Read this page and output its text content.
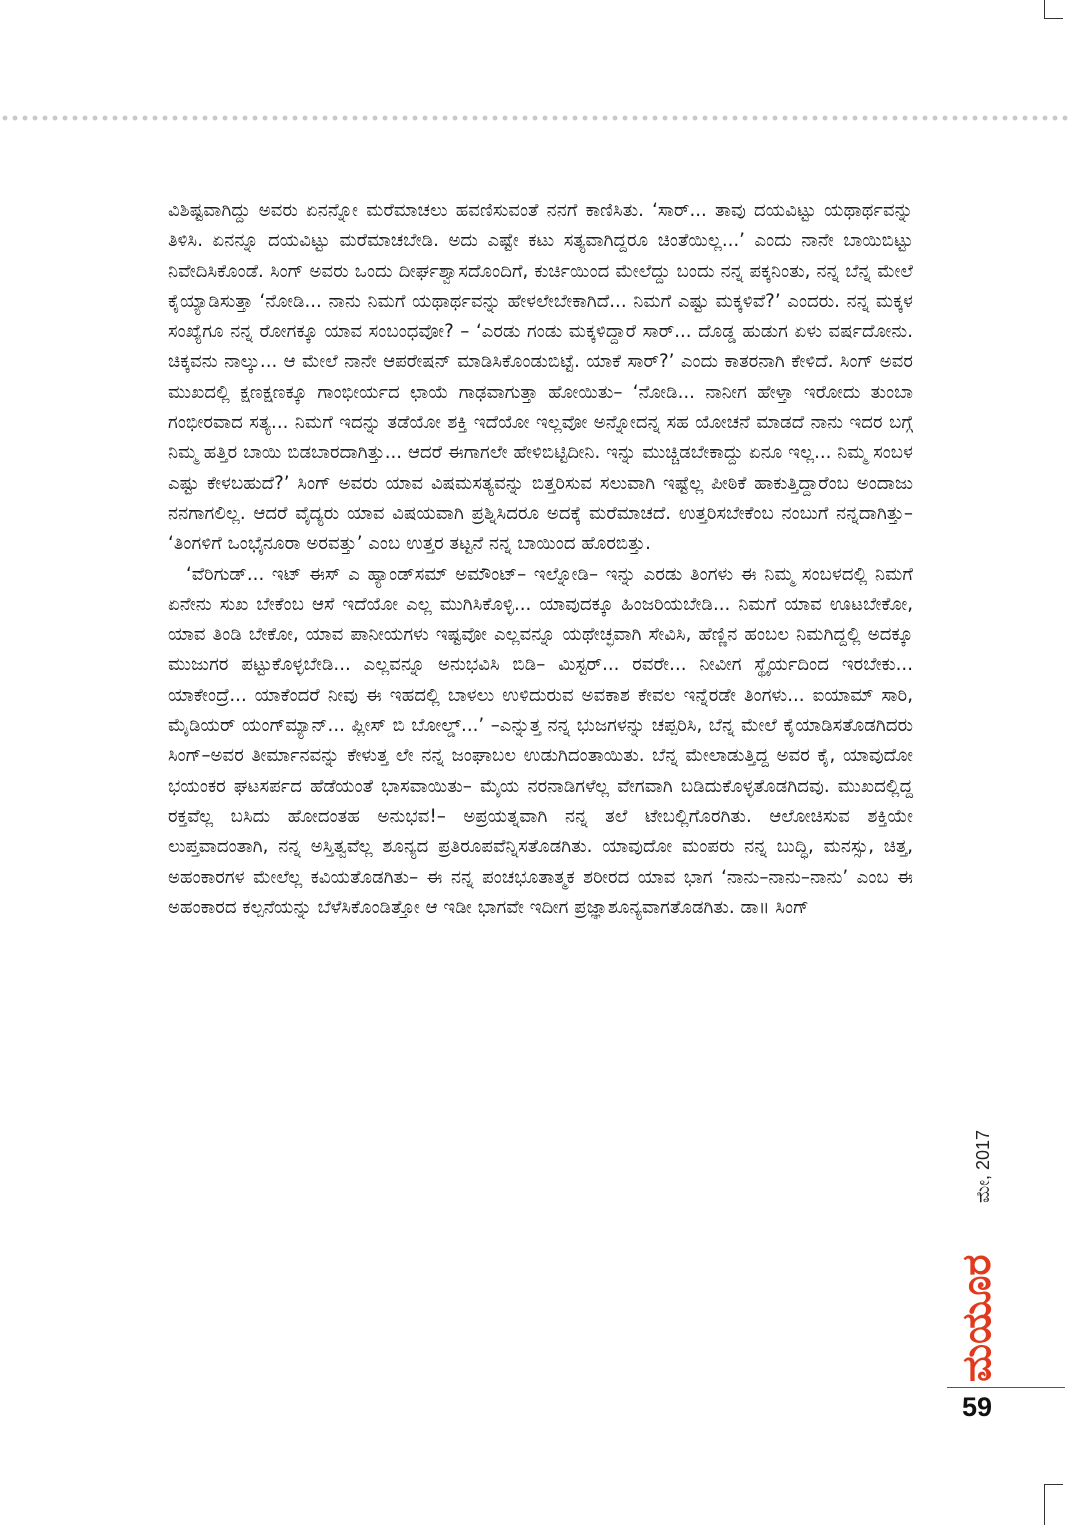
ವಿಶಿಷ್ಟವಾಗಿದ್ದು ಅವರು ಏನನ್ನೋ ಮರೆಮಾಚಲು ಹವಣಿಸುವಂತೆ ನನಗೆ ಕಾಣಿಸಿತು. ‘ಸಾರ್... ತಾವು ದಯವಿಟ್ಟು ಯಥಾರ್ಥವನ್ನು ತಿಳಿಸಿ. ಏನನ್ನೂ ದಯವಿಟ್ಟು ಮರೆಮಾಚಬೇಡಿ. ಅದು ಎಷ್ಟೇ ಕಟು ಸತ್ಯವಾಗಿದ್ದರೂ ಚಿಂತೆಯಿಲ್ಲ...’ ಎಂದು ನಾನೇ ಬಾಯಿಬಿಟ್ಟು ನಿವೇದಿಸಿಕೊಂಡೆ. ಸಿಂಗ್ ಅವರು ಒಂದು ದೀರ್ಘಶ್ವಾಸದೊಂದಿಗೆ, ಕುರ್ಚಿಯಿಂದ ಮೇಲೆದ್ದು ಬಂದು ನನ್ನ ಪಕ್ಕನಿಂತು, ನನ್ನ ಬೆನ್ನ ಮೇಲೆ ಕೈಯ್ಯಾಡಿಸುತ್ತಾ ‘ನೋಡಿ... ನಾನು ನಿಮಗೆ ಯಥಾರ್ಥವನ್ನು ಹೇಳಲೇಬೇಕಾಗಿದೆ... ನಿಮಗೆ ಎಷ್ಟು ಮಕ್ಕಳಿವೆ?’ ಎಂದರು. ನನ್ನ ಮಕ್ಕಳ ಸಂಖ್ಯೆಗೂ ನನ್ನ ರೋಗಕ್ಕೂ ಯಾವ ಸಂಬಂಧವೋ? – ‘ಎರಡು ಗಂಡು ಮಕ್ಕಳಿದ್ದಾರೆ ಸಾರ್... ದೊಡ್ಡ ಹುಡುಗ ಏಳು ವರ್ಷದೋನು. ಚಿಕ್ಕವನು ನಾಲ್ಕು... ಆ ಮೇಲೆ ನಾನೇ ಆಪರೇಷನ್ ಮಾಡಿಸಿಕೊಂಡುಬಿಟ್ಟೆ. ಯಾಕೆ ಸಾರ್?’ ಎಂದು ಕಾತರನಾಗಿ ಕೇಳಿದೆ. ಸಿಂಗ್ ಅವರ ಮುಖದಲ್ಲಿ ಕ್ಷಣಕ್ಷಣಕ್ಕೂ ಗಾಂಭೀರ್ಯದ ಛಾಯೆ ಗಾಢವಾಗುತ್ತಾ ಹೋಯಿತು– ‘ನೋಡಿ... ನಾನೀಗ ಹೇಳ್ತಾ ಇರೋದು ತುಂಬಾ ಗಂಭೀರವಾದ ಸತ್ಯ... ನಿಮಗೆ ಇದನ್ನು ತಡೆಯೋ ಶಕ್ತಿ ಇದೆಯೋ ಇಲ್ಲವೋ ಅನ್ನೋದನ್ನ ಸಹ ಯೋಚನೆ ಮಾಡದೆ ನಾನು ಇದರ ಬಗ್ಗೆ ನಿಮ್ಮ ಹತ್ತಿರ ಬಾಯಿ ಬಿಡಬಾರದಾಗಿತ್ತು... ಆದರೆ ಈಗಾಗಲೇ ಹೇಳಿಬಿಟ್ಟಿದೀನಿ. ಇನ್ನು ಮುಚ್ಚಿಡಬೇಕಾದ್ದು ಏನೂ ಇಲ್ಲ... ನಿಮ್ಮ ಸಂಬಳ ಎಷ್ಟು ಕೇಳಬಹುದೆ?’ ಸಿಂಗ್ ಅವರು ಯಾವ ವಿಷಮಸತ್ಯವನ್ನು ಬಿತ್ತರಿಸುವ ಸಲುವಾಗಿ ಇಷ್ಟೆಲ್ಲ ಪೀಠಿಕೆ ಹಾಕುತ್ತಿದ್ದಾರೆಂಬ ಅಂದಾಜು ನನಗಾಗಲಿಲ್ಲ. ಆದರೆ ವೈದ್ಯರು ಯಾವ ವಿಷಯವಾಗಿ ಪ್ರಶ್ನಿಸಿದರೂ ಅದಕ್ಕೆ ಮರೆಮಾಚದೆ. ಉತ್ತರಿಸಬೇಕೆಂಬ ನಂಬುಗೆ ನನ್ನದಾಗಿತ್ತು– ‘ತಿಂಗಳಿಗೆ ಒಂಭೈನೂರಾ ಅರವತ್ತು’ ಎಂಬ ಉತ್ತರ ತಟ್ಟನೆ ನನ್ನ ಬಾಯಿಂದ ಹೊರಬಿತ್ತು.

‘ವೆರಿಗುಡ್... ಇಟ್ ಈಸ್ ಎ ಹ್ಯಾಂಡ್‌ಸಮ್ ಅಮೌಂಟ್– ಇಲ್ನೋಡಿ– ಇನ್ನು ಎರಡು ತಿಂಗಳು ಈ ನಿಮ್ಮ ಸಂಬಳದಲ್ಲಿ ನಿಮಗೆ ಏನೇನು ಸುಖ ಬೇಕೆಂಬ ಆಸೆ ಇದೆಯೋ ಎಲ್ಲ ಮುಗಿಸಿಕೊಳ್ಳಿ... ಯಾವುದಕ್ಕೂ ಹಿಂಜರಿಯಬೇಡಿ... ನಿಮಗೆ ಯಾವ ಊಟಬೇಕೋ, ಯಾವ ತಿಂಡಿ ಬೇಕೋ, ಯಾವ ಪಾನೀಯಗಳು ಇಷ್ಟವೋ ಎಲ್ಲವನ್ನೂ ಯಥೇಚ್ಛವಾಗಿ ಸೇವಿಸಿ, ಹೆಣ್ಣಿನ ಹಂಬಲ ನಿಮಗಿದ್ದಲ್ಲಿ ಅದಕ್ಕೂ ಮುಜುಗರ ಪಟ್ಟುಕೊಳ್ಳಬೇಡಿ... ಎಲ್ಲವನ್ನೂ ಅನುಭವಿಸಿ ಬಿಡಿ– ಮಿಸ್ಟರ್... ರವರೇ... ನೀವೀಗ ಸ್ಥೈರ್ಯದಿಂದ ಇರಬೇಕು... ಯಾಕೇಂದ್ರೆ... ಯಾಕೆಂದರೆ ನೀವು ಈ ಇಹದಲ್ಲಿ ಬಾಳಲು ಉಳಿದುರುವ ಅವಕಾಶ ಕೇವಲ ಇನ್ನೆರಡೇ ತಿಂಗಳು... ಐಯಾಮ್ ಸಾರಿ, ಮೈಡಿಯರ್ ಯಂಗ್‌ಮ್ಯಾನ್... ಪ್ಲೀಸ್ ಬಿ ಬೋಲ್ಡ್...’ –ಎನ್ನುತ್ತ ನನ್ನ ಭುಜಗಳನ್ನು ಚಪ್ಪರಿಸಿ, ಬೆನ್ನ ಮೇಲೆ ಕೈಯಾಡಿಸತೊಡಗಿದರು ಸಿಂಗ್–ಅವರ ತೀರ್ಮಾನವನ್ನು ಕೇಳುತ್ತ ಲೇ ನನ್ನ ಜಂಘಾಬಲ ಉಡುಗಿದಂತಾಯಿತು. ಬೆನ್ನ ಮೇಲಾಡುತ್ತಿದ್ದ ಅವರ ಕೈ, ಯಾವುದೋ ಭಯಂಕರ ಘಟಸರ್ಪದ ಹೆಡೆಯಂತೆ ಭಾಸವಾಯಿತು– ಮೈಯ ನರನಾಡಿಗಳೆಲ್ಲ ವೇಗವಾಗಿ ಬಡಿದುಕೊಳ್ಳತೊಡಗಿದವು. ಮುಖದಲ್ಲಿದ್ದ ರಕ್ತವೆಲ್ಲ ಬಸಿದು ಹೋದಂತಹ ಅನುಭವ!– ಅಪ್ರಯತ್ನವಾಗಿ ನನ್ನ ತಲೆ ಟೇಬಲ್ಲಿಗೊರಗಿತು. ಆಲೋಚಿಸುವ ಶಕ್ತಿಯೇ ಲುಪ್ತವಾದಂತಾಗಿ, ನನ್ನ ಅಸ್ತಿತ್ವವೆಲ್ಲ ಶೂನ್ಯದ ಪ್ರತಿರೂಪವೆನ್ನಿಸತೊಡಗಿತು. ಯಾವುದೋ ಮಂಪರು ನನ್ನ ಬುದ್ಧಿ, ಮನಸ್ಸು, ಚಿತ್ತ, ಅಹಂಕಾರಗಳ ಮೇಲೆಲ್ಲ ಕವಿಯತೊಡಗಿತು– ಈ ನನ್ನ ಪಂಚಭೂತಾತ್ಮಕ ಶರೀರದ ಯಾವ ಭಾಗ ‘ನಾನು–ನಾನು–ನಾನು’ ಎಂಬ ಈ ಅಹಂಕಾರದ ಕಲ್ಪನೆಯನ್ನು ಬೆಳೆಸಿಕೊಂಡಿತ್ತೋ ಆ ಇಡೀ ಭಾಗವೇ ಇದೀಗ ಪ್ರಜ್ಞಾಶೂನ್ಯವಾಗತೊಡಗಿತು. ಡಾ॥ ಸಿಂಗ್

ಮೇ, 2017
ಮಯೂರ
59
